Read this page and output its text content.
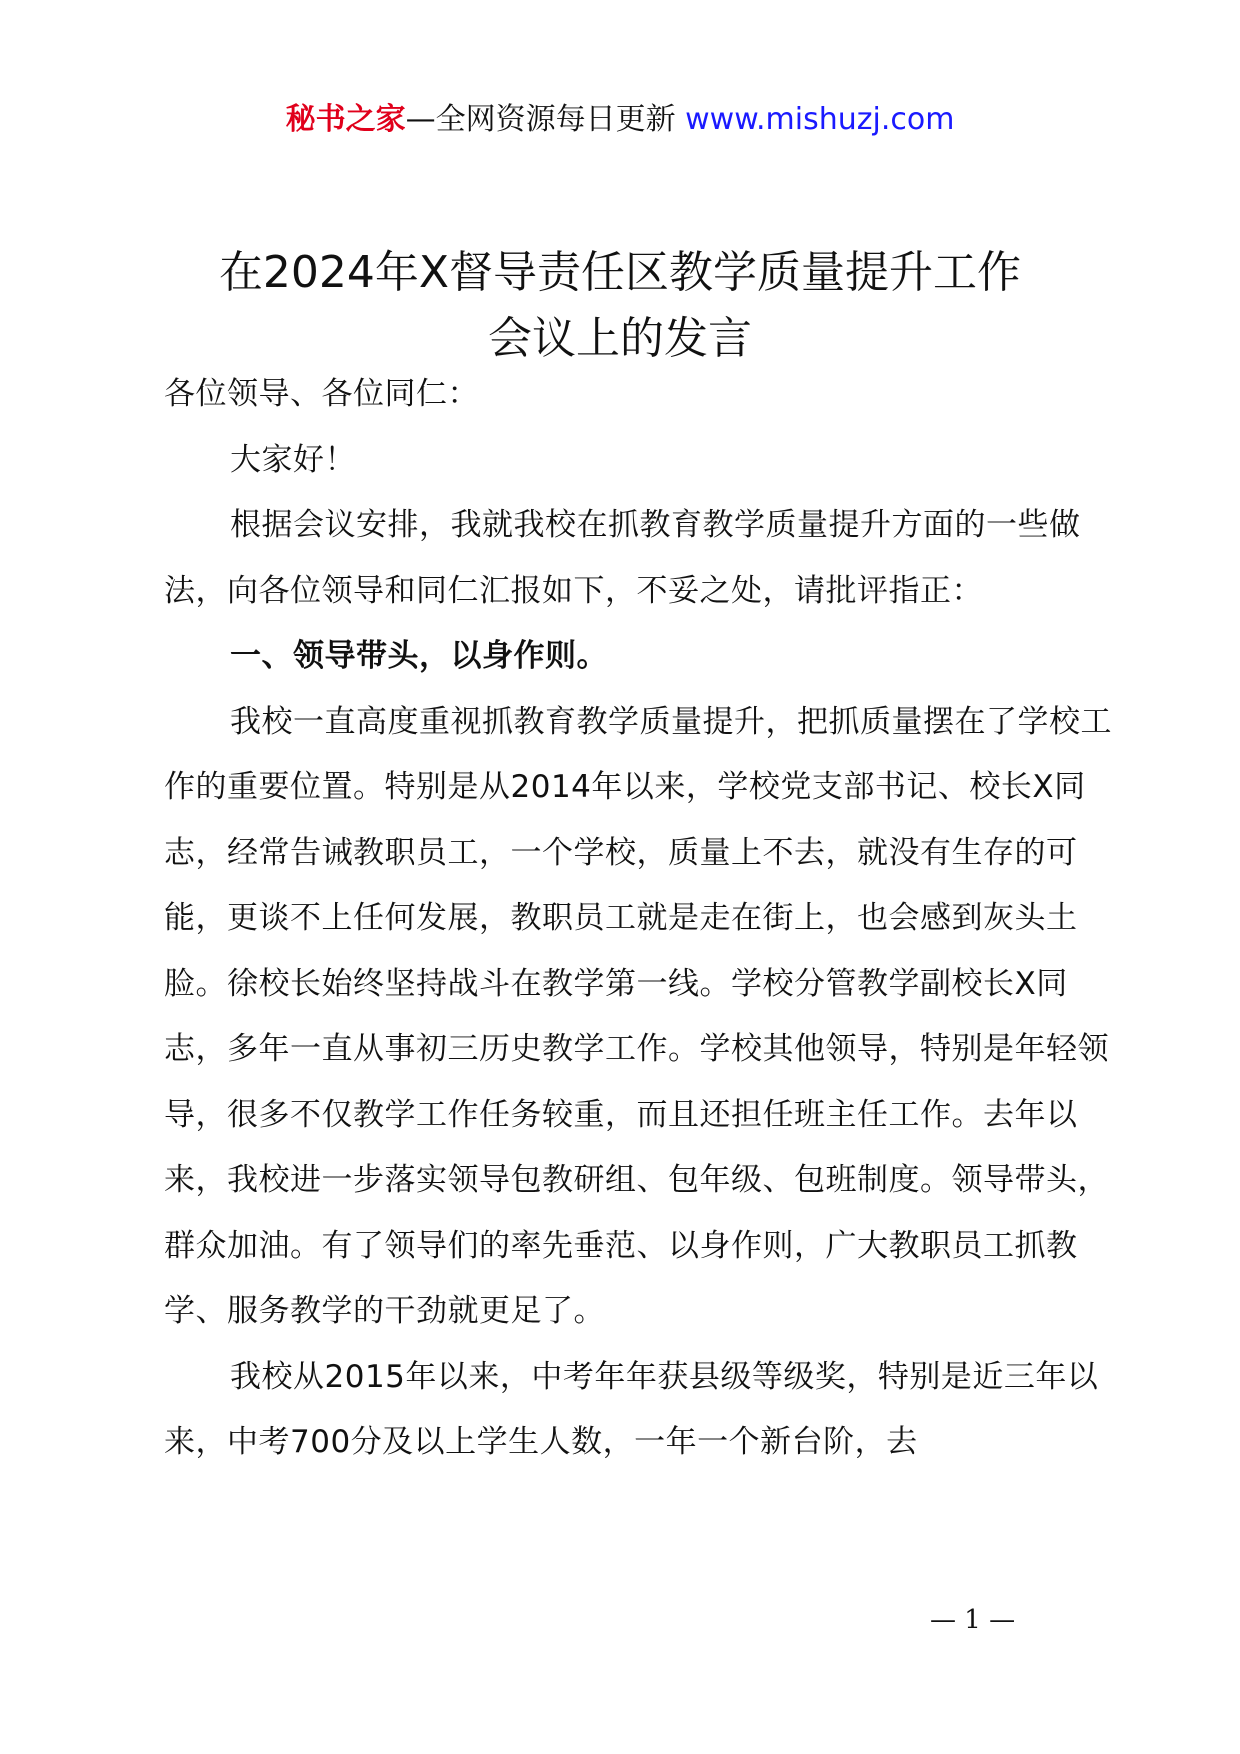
秘书之家—全网资源每日更新 www.mishuzj.com
在2024年X督导责任区教学质量提升工作
会议上的发言

各位领导、各位同仁：

大家好！

根据会议安排，我就我校在抓教育教学质量提升方面的一些做法，向各位领导和同仁汇报如下，不妥之处，请批评指正：

一、领导带头，以身作则。

我校一直高度重视抓教育教学质量提升，把抓质量摆在了学校工作的重要位置。特别是从2014年以来，学校党支部书记、校长X同志，经常告诫教职员工，一个学校，质量上不去，就没有生存的可能，更谈不上任何发展，教职员工就是走在街上，也会感到灰头土脸。徐校长始终坚持战斗在教学第一线。学校分管教学副校长X同志，多年一直从事初三历史教学工作。学校其他领导，特别是年轻领导，很多不仅教学工作任务较重，而且还担任班主任工作。去年以来，我校进一步落实领导包教研组、包年级、包班制度。领导带头，群众加油。有了领导们的率先垂范、以身作则，广大教职员工抓教学、服务教学的干劲就更足了。

我校从2015年以来，中考年年获县级等级奖，特别是近三年以来，中考700分及以上学生人数，一年一个新台阶，去

— 1 —
